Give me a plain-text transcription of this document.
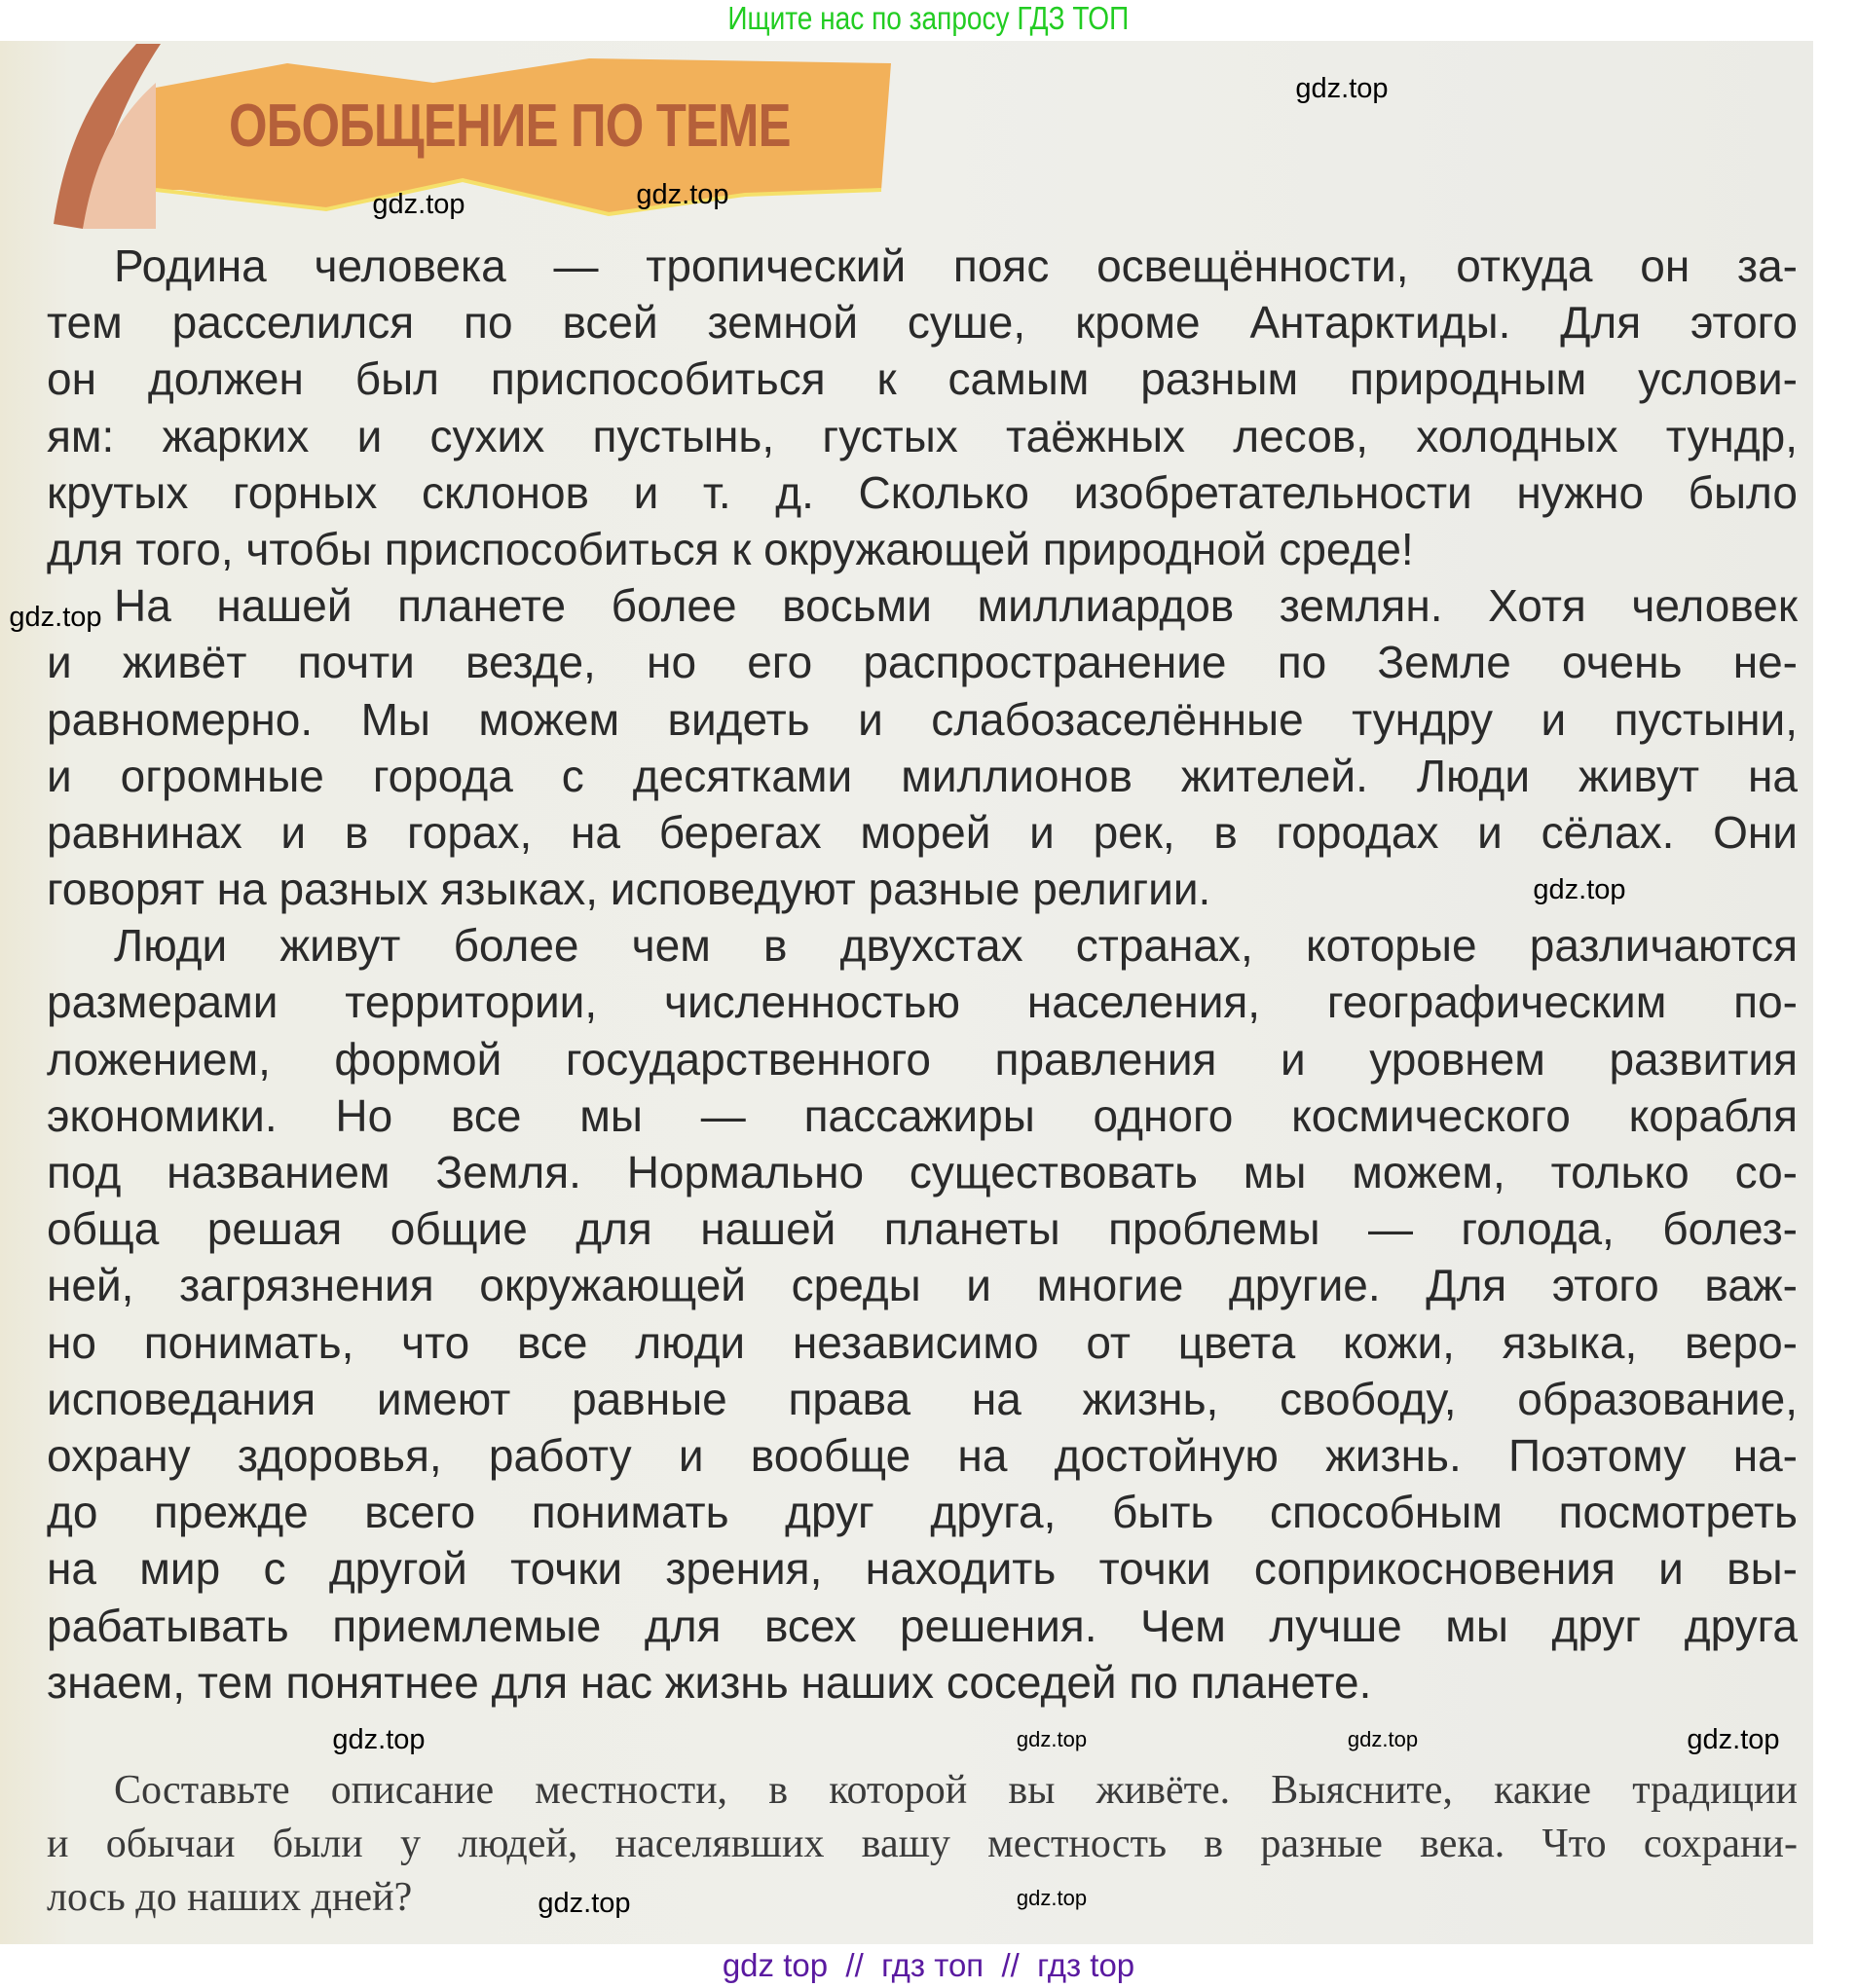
Ищите нас по запросу ГДЗ ТОП
ОБОБЩЕНИЕ ПО ТЕМЕ
Родина человека — тропический пояс освещённости, откуда он за-
тем расселился по всей земной суше, кроме Антарктиды. Для этого
он должен был приспособиться к самым разным природным услови-
ям: жарких и сухих пустынь, густых таёжных лесов, холодных тундр,
крутых горных склонов и т. д. Сколько изобретательности нужно было
для того, чтобы приспособиться к окружающей природной среде!
На нашей планете более восьми миллиардов землян. Хотя человек
и живёт почти везде, но его распространение по Земле очень не-
равномерно. Мы можем видеть и слабозаселённые тундру и пустыни,
и огромные города с десятками миллионов жителей. Люди живут на
равнинах и в горах, на берегах морей и рек, в городах и сёлах. Они
говорят на разных языках, исповедуют разные религии.
Люди живут более чем в двухстах странах, которые различаются
размерами территории, численностью населения, географическим по-
ложением, формой государственного правления и уровнем развития
экономики. Но все мы — пассажиры одного космического корабля
под названием Земля. Нормально существовать мы можем, только со-
обща решая общие для нашей планеты проблемы — голода, болез-
ней, загрязнения окружающей среды и многие другие. Для этого важ-
но понимать, что все люди независимо от цвета кожи, языка, веро-
исповедания имеют равные права на жизнь, свободу, образование,
охрану здоровья, работу и вообще на достойную жизнь. Поэтому на-
до прежде всего понимать друг друга, быть способным посмотреть
на мир с другой точки зрения, находить точки соприкосновения и вы-
рабатывать приемлемые для всех решения. Чем лучше мы друг друга
знаем, тем понятнее для нас жизнь наших соседей по планете.
Составьте описание местности, в которой вы живёте. Выясните, какие традиции
и обычаи были у людей, населявших вашу местность в разные века. Что сохрани-
лось до наших дней?
gdz.top
gdz.top
gdz.top
gdz.top
gdz.top
gdz.top	gdz.top	gdz.top
gdz.top
gdz.top
gdz.top
gdz top  //  гдз топ  //  гдз top
